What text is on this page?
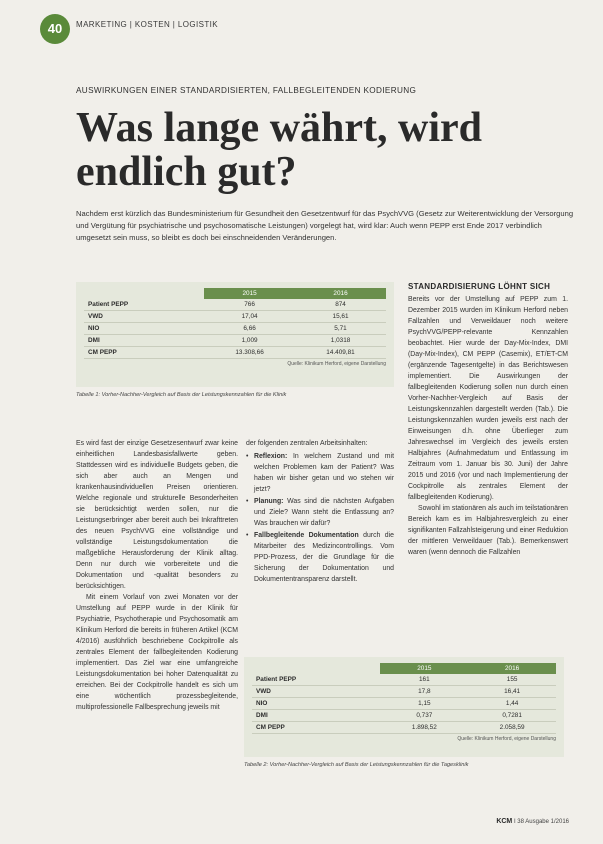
40	MARKETING | KOSTEN | LOGISTIK
AUSWIRKUNGEN EINER STANDARDISIERTEN, FALLBEGLEITENDEN KODIERUNG
Was lange währt, wird endlich gut?

Nachdem erst kürzlich das Bundesministerium für Gesundheit den Gesetzentwurf für das PsychVVG (Gesetz zur Weiterentwicklung der Versorgung und Vergütung für psychiatrische und psychosomatische Leistungen) vorgelegt hat, wird klar: Auch wenn PEPP erst Ende 2017 verbindlich umgesetzt sein muss, so bleibt es doch bei einschneidenden Veränderungen.

	2015	2016
Patient PEPP	766	874
VWD	17,04	15,61
NIO	6,66	5,71
DMI	1,009	1,0318
CM PEPP	13.308,66	14.409,81
Quelle: Klinikum Herford, eigene Darstellung
Tabelle 1: Vorher-Nachher-Vergleich auf Basis der Leistungskennzahlen für die Klinik

Es wird fast der einzige Gesetzesentwurf zwar keine einheitlichen Landesbasisfallwerte geben. Stattdessen wird es individuelle Budgets geben, die sich aber auch an Mengen und krankenhausindividuellen Preisen orientieren. Welche regionale und strukturelle Besonderheiten sie berücksichtigt werden sollen, nur die Leistungserbringer aber bereit auch bei Inkrafttreten des neuen PsychVVG eine vollständige und vollständige Leistungsdokumentation die maßgebliche Herausforderung der Klinik alltag. Denn nur durch wie vorbereitete und die Dokumentation und -qualität besonders zu berücksichtigen.

Mit einem Vorlauf von zwei Monaten vor der Umstellung auf PEPP wurde in der Klinik für Psychiatrie, Psychotherapie und Psychosomatik am Klinikum Herford die bereits in früheren Artikel (KCM 4/2016) ausführlich beschriebene Cockpitrolle als zentrales Element der fallbegleitenden Kodierung implementiert. Das Ziel war eine umfangreiche Leistungsdokumentation bei hoher Datenqualität zu erreichen. Bei der Cockpitrolle handelt es sich um eine wöchentlich prozessbegleitende, multiprofessionelle Fallbesprechung jeweils mit

der folgenden zentralen Arbeitsinhalten:

• Reflexion: In welchem Zustand und mit welchen Problemen kam der Patient? Was haben wir bisher getan und wo stehen wir jetzt?
• Planung: Was sind die nächsten Aufgaben und Ziele? Wann steht die Entlassung an? Was brauchen wir dafür?
• Fallbegleitende Dokumentation durch die Mitarbeiter des Medizincontrollings. Vom PPD-Prozess, der die Grundlage für die Sicherung der Dokumentation und Dokumententransparenz darstellt.
STANDARDISIERUNG LÖHNT SICH

Bereits vor der Umstellung auf PEPP zum 1. Dezember 2015 wurden im Klinikum Herford neben Fallzahlen und Verweildauer noch weitere PsychVVG/PEPP-relevante Kennzahlen beobachtet. Hier wurde der Day-Mix-Index, DMI (Day-Mix-Index), CM PEPP (Casemix), ET/ET-CM (ergänzende Tagesentgelte) in das Berichtswesen implementiert. Die Auswirkungen der fallbegleitenden Kodierung sollen nun durch einen Vorher-Nachher-Vergleich auf Basis der Leistungskennzahlen dargestellt werden (Tab.). Die Leistungskennzahlen wurden jeweils erst nach der Einweisungen d.h. ohne Überlieger zum Jahreswechsel im Vergleich des jeweils ersten Halbjahres (Aufnahmedatum und Entlassung im Zeitraum vom 1. Januar bis 30. Juni) der Jahre 2015 und 2016 (vor und nach Implementierung der Cockpitrolle als zentrales Element der fallbegleitenden Kodierung).

Sowohl im stationären als auch im teilstationären Bereich kam es im Halbjahresvergleich zu einer signifikanten Fallzahlsteigerung und einer Reduktion der mittleren Verweildauer (Tab.). Bemerkenswert waren (wenn dennoch die Fallzahlen

	2015	2016
Patient PEPP	161	155
VWD	17,8	16,41
NIO	1,15	1,44
DMI	0,737	0,7281
CM PEPP	1.898,52	2.058,59
Quelle: Klinikum Herford, eigene Darstellung
Tabelle 2: Vorher-Nachher-Vergleich auf Basis der Leistungskennzahlen für die Tagesklinik
KCM I 38 Ausgabe 1/2016
